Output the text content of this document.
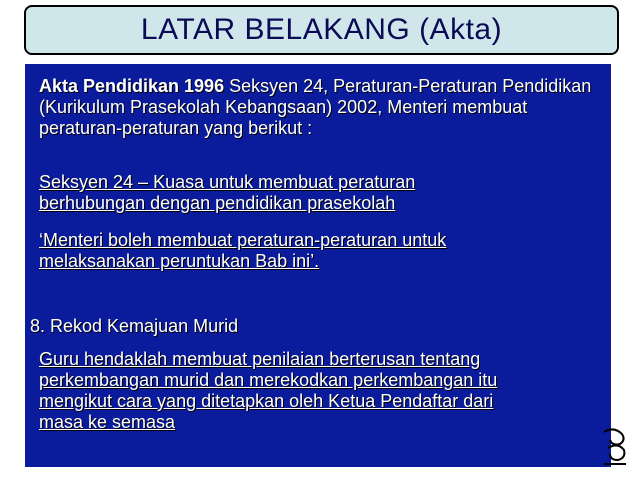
LATAR BELAKANG (Akta)
Akta Pendidikan 1996 Seksyen 24, Peraturan-Peraturan Pendidikan (Kurikulum Prasekolah Kebangsaan) 2002, Menteri membuat peraturan-peraturan yang berikut :
Seksyen 24 – Kuasa untuk membuat peraturan
berhubungan dengan pendidikan prasekolah
‘Menteri boleh membuat peraturan-peraturan untuk
melaksanakan peruntukan Bab ini’.
8. Rekod Kemajuan Murid
Guru hendaklah membuat penilaian berterusan tentang
perkembangan murid dan merekodkan perkembangan itu
mengikut cara yang ditetapkan oleh Ketua Pendaftar dari
masa ke semasa
